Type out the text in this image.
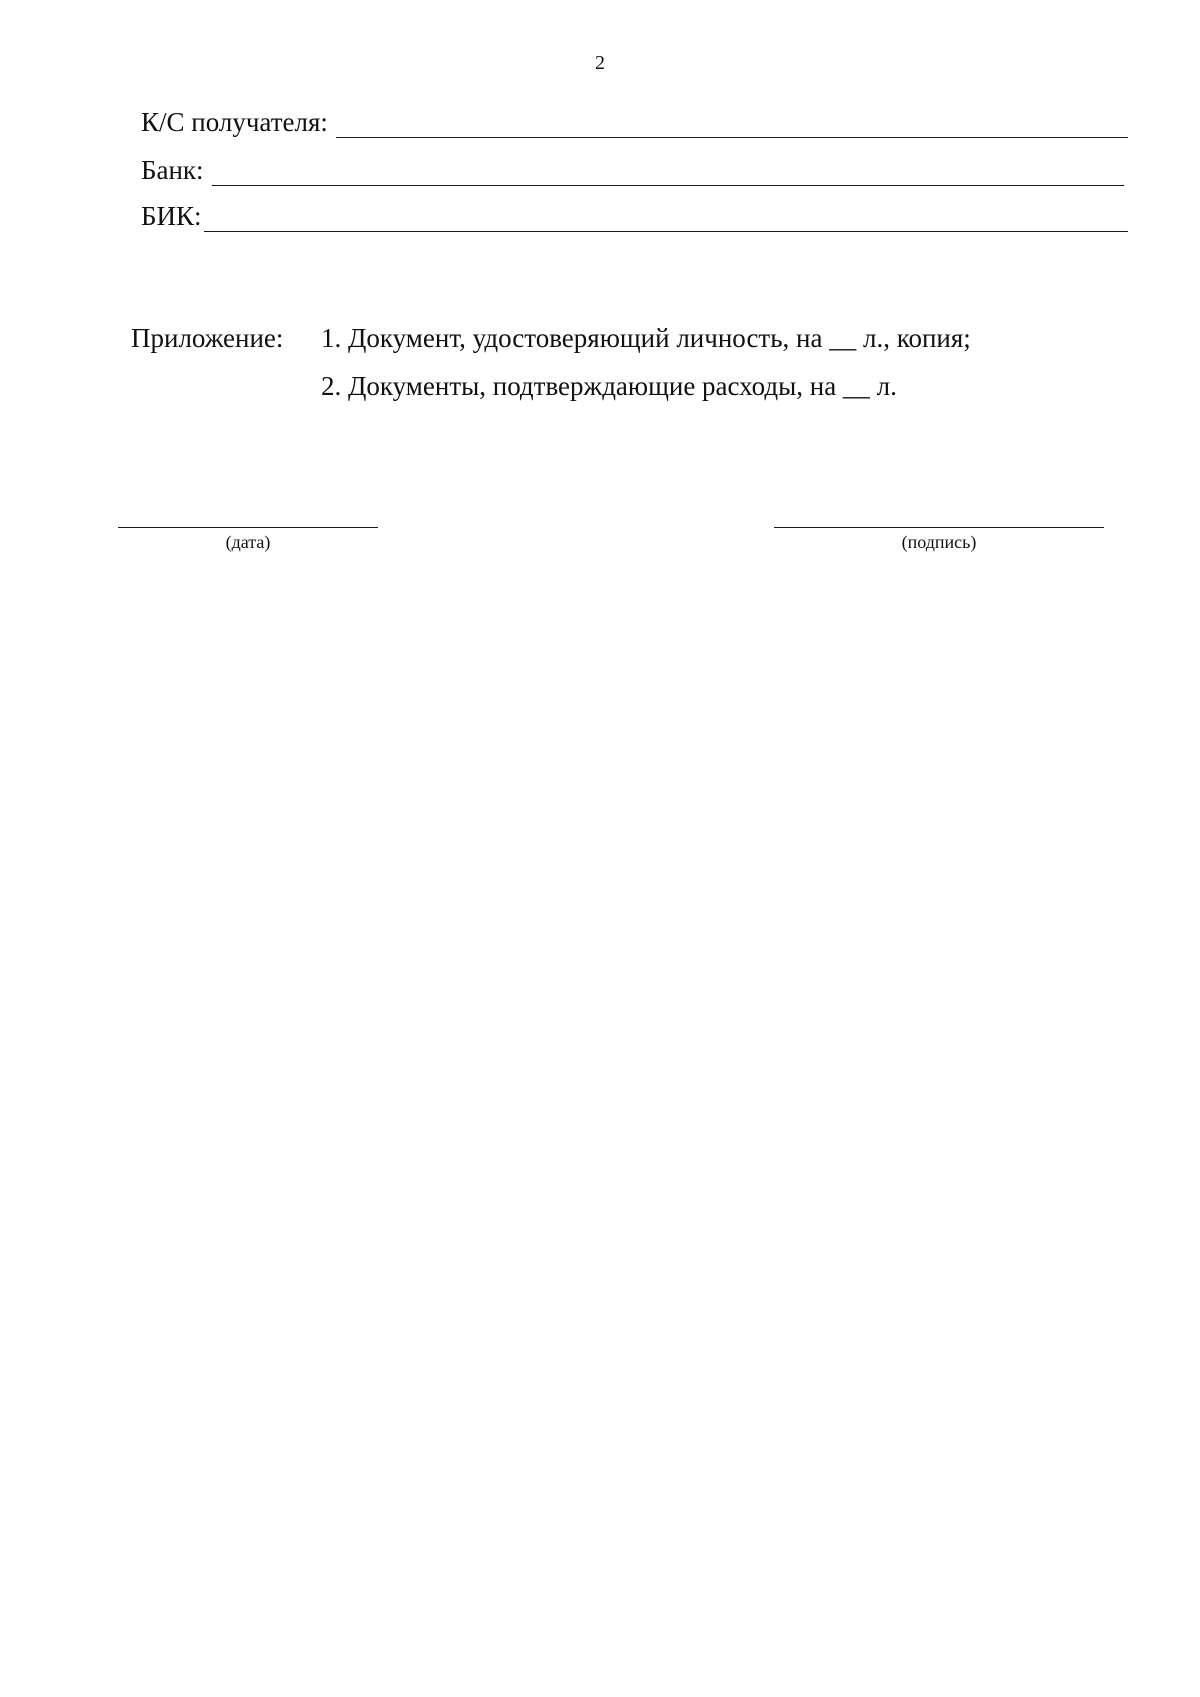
2
К/С получателя:
Банк:
БИК:
Приложение: 1. Документ, удостоверяющий личность, на __ л., копия;
2. Документы, подтверждающие расходы, на __ л.
(дата)	(подпись)
